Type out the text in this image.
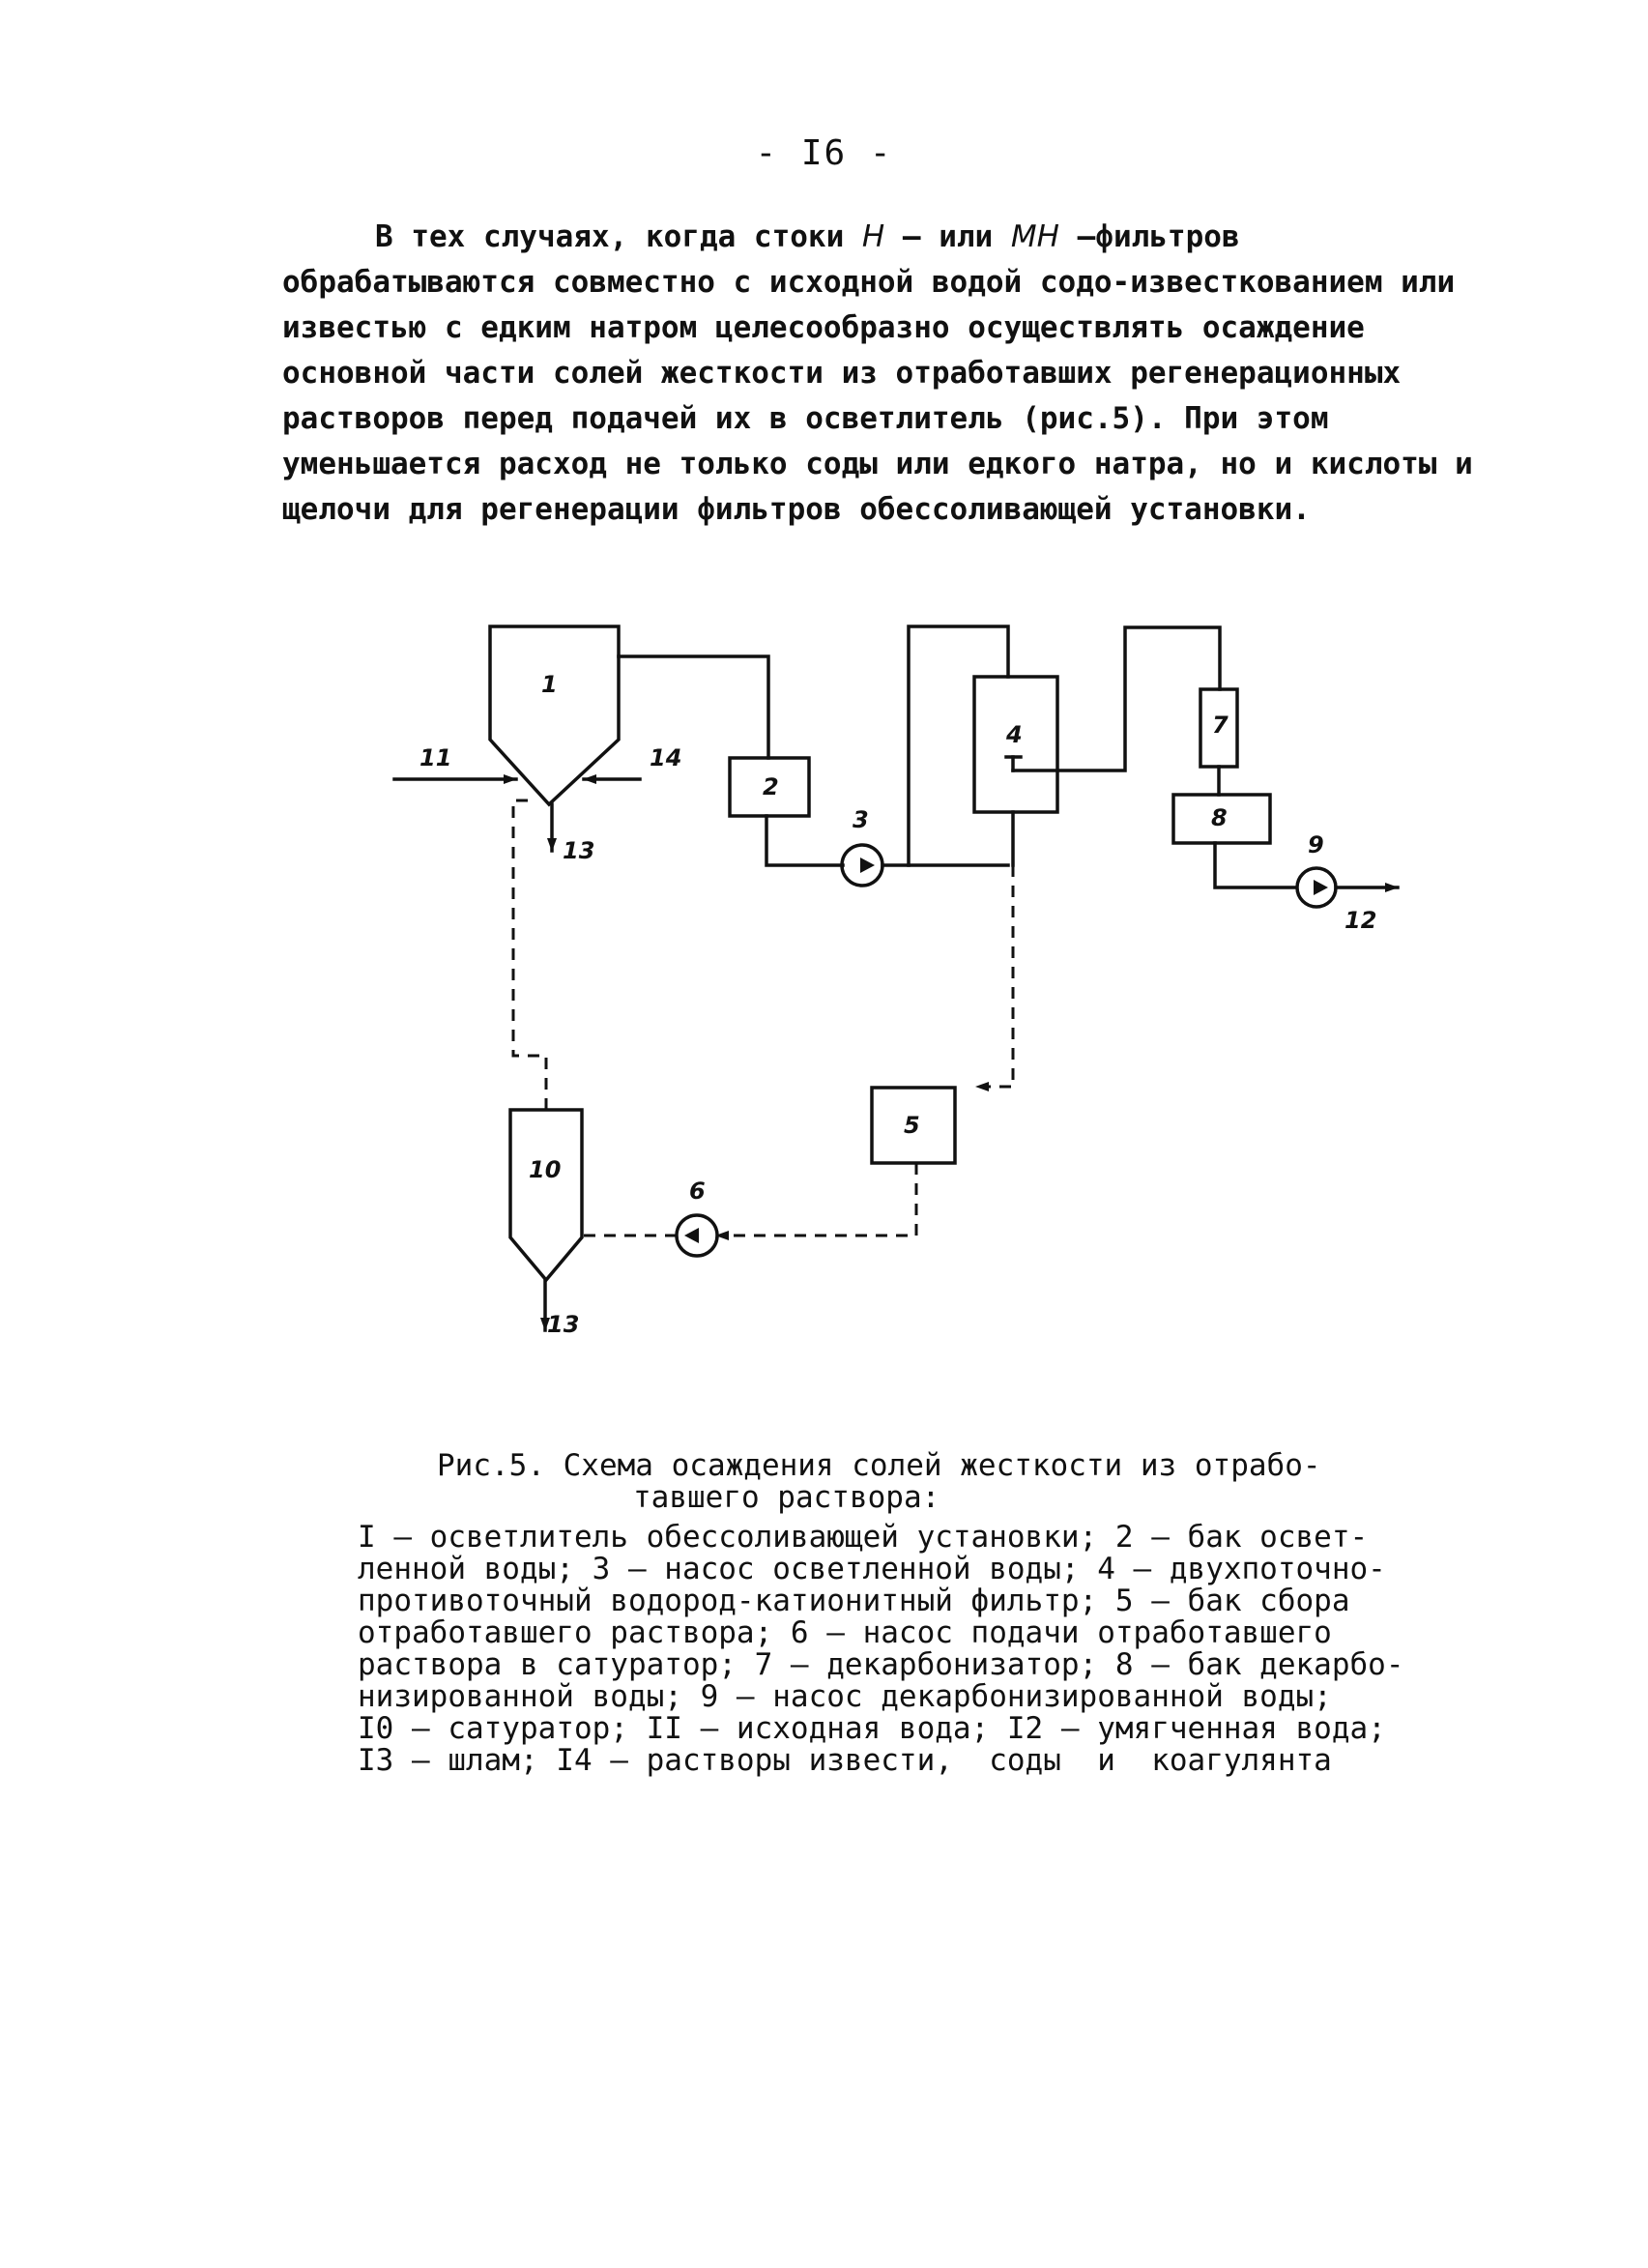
- I6 -

В тех случаях, когда стоки Н – или МН –фильтров обрабатываются совместно с исходной водой содо-известкованием или известью с едким натром целесообразно осуществлять осаждение основной части солей жесткости из отработавших регенерационных растворов перед подачей их в осветлитель (рис.5). При этом уменьшается расход не только соды или едкого натра, но и кислоты и щелочи для регенерации фильтров обессоливающей установки.

1
2
3
4
5
6
7
8
9
10
11
12
13
13
14

Рис.5. Схема осаждения солей жесткости из отрабо-
тавшего раствора:

I – осветлитель обессоливающей установки; 2 – бак освет-
ленной воды; 3 – насос осветленной воды; 4 – двухпоточно-
противоточный водород-катионитный фильтр; 5 – бак сбора
отработавшего раствора; 6 – насос подачи отработавшего
раствора в сатуратор; 7 – декарбонизатор; 8 – бак декарбо-
низированной воды; 9 – насос декарбонизированной воды;
I0 – сатуратор; II – исходная вода; I2 – умягченная вода;
I3 – шлам; I4 – растворы извести,  соды  и  коагулянта
